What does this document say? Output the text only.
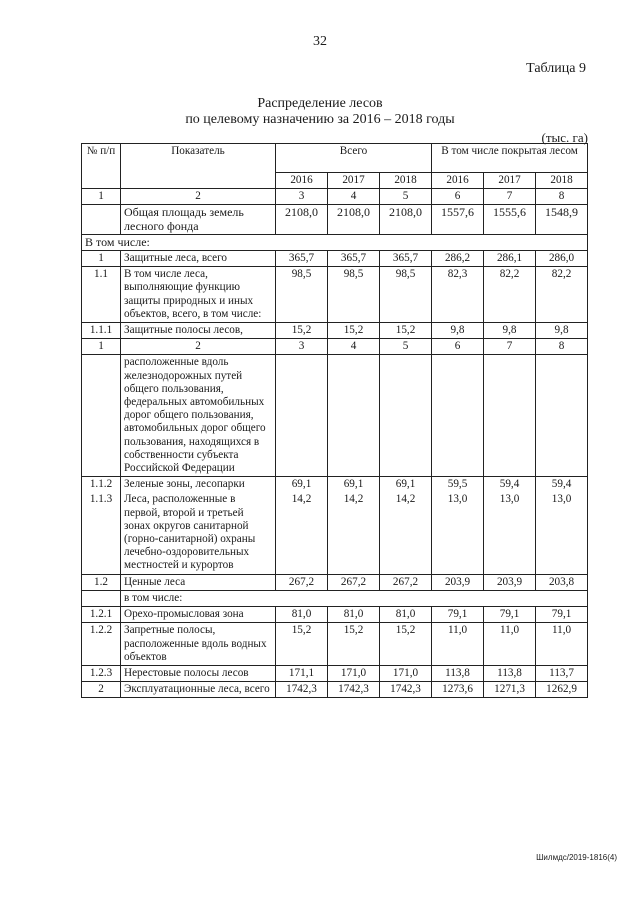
32
Таблица 9
Распределение лесов
по целевому назначению за 2016 – 2018 годы
(тыс. га)
№ п/п	Показатель	Всего			В том числе покрытая лесом		
		2016	2017	2018	2016	2017	2018
1	2	3	4	5	6	7	8
	Общая площадь земель лесного фонда	2108,0	2108,0	2108,0	1557,6	1555,6	1548,9
В том числе:							
1	Защитные леса, всего	365,7	365,7	365,7	286,2	286,1	286,0
1.1	В том числе леса, выполняющие функцию защиты природных и иных объектов, всего, в том числе:	98,5	98,5	98,5	82,3	82,2	82,2
1.1.1	Защитные полосы лесов,	15,2	15,2	15,2	9,8	9,8	9,8
1	2	3	4	5	6	7	8
	расположенные вдоль железнодорожных путей общего пользования, федеральных автомобильных дорог общего пользования, автомобильных дорог общего пользования, находящихся в собственности субъекта Российской Федерации						
1.1.2	Зеленые зоны, лесопарки	69,1	69,1	69,1	59,5	59,4	59,4
1.1.3	Леса, расположенные в первой, второй и третьей зонах округов санитарной (горно-санитарной) охраны лечебно-оздоровительных местностей и курортов	14,2	14,2	14,2	13,0	13,0	13,0
1.2	Ценные леса	267,2	267,2	267,2	203,9	203,9	203,8
	в том числе:						
1.2.1	Орехо-промысловая зона	81,0	81,0	81,0	79,1	79,1	79,1
1.2.2	Запретные полосы, расположенные вдоль водных объектов	15,2	15,2	15,2	11,0	11,0	11,0
1.2.3	Нерестовые полосы лесов	171,1	171,0	171,0	113,8	113,8	113,7
2	Эксплуатационные леса, всего	1742,3	1742,3	1742,3	1273,6	1271,3	1262,9
Шилмдс/2019-1816(4)
